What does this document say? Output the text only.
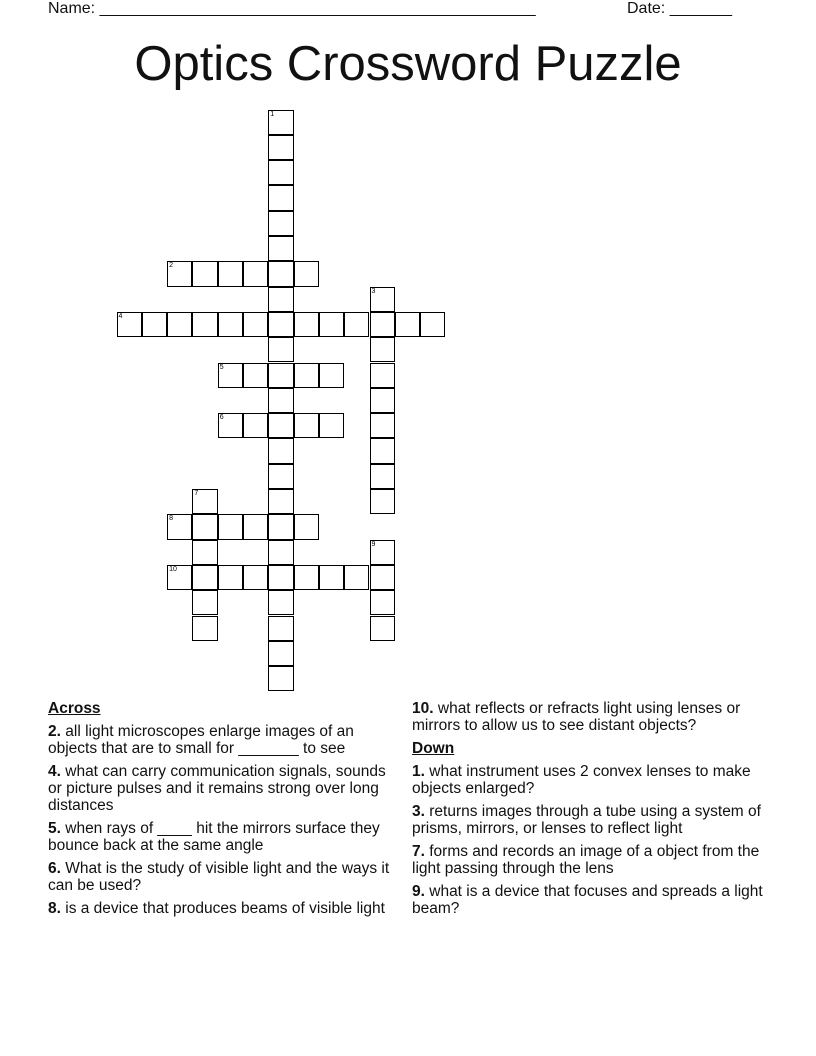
Name: _________________________________________________	Date: _______
Optics Crossword Puzzle
1
2
3
4
5
6
7
8
9
10
Across
2. all light microscopes enlarge images of an objects that are to small for _______ to see
4. what can carry communication signals, sounds or picture pulses and it remains strong over long distances
5. when rays of ____ hit the mirrors surface they bounce back at the same angle
6. What is the study of visible light and the ways it can be used?
8. is a device that produces beams of visible light
10. what reflects or refracts light using lenses or mirrors to allow us to see distant objects?
Down
1. what instrument uses 2 convex lenses to make objects enlarged?
3. returns images through a tube using a system of prisms, mirrors, or lenses to reflect light
7. forms and records an image of a object from the light passing through the lens
9. what is a device that focuses and spreads a light beam?
